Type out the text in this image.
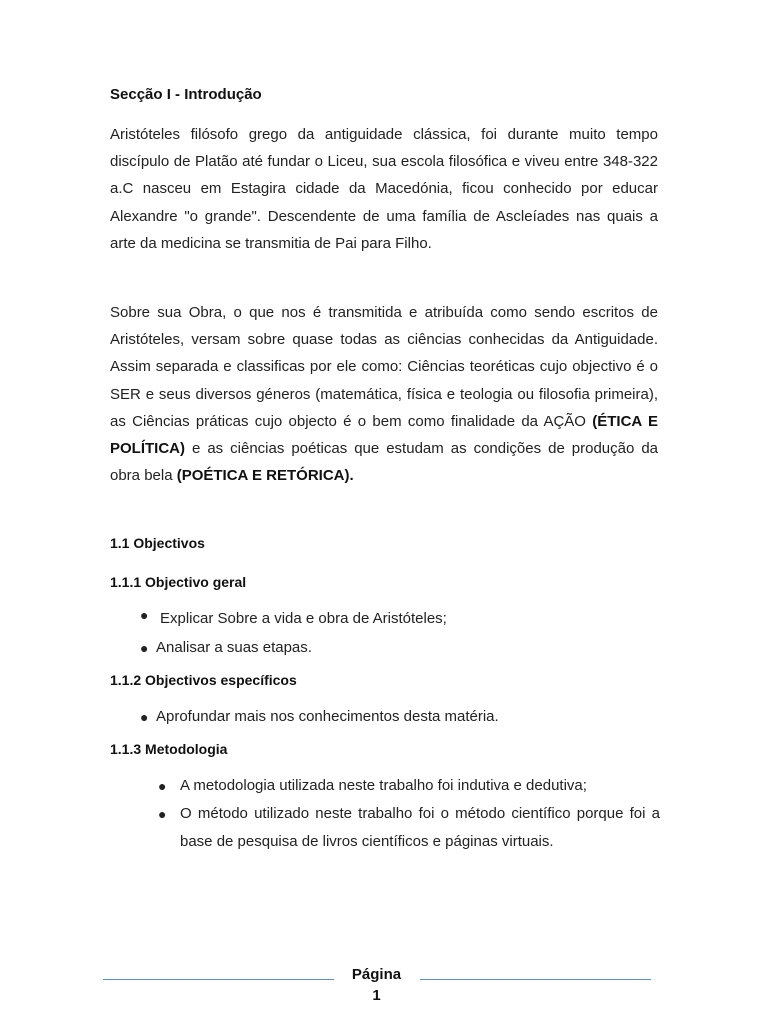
Secção I - Introdução

Aristóteles filósofo grego da antiguidade clássica, foi durante muito tempo discípulo de Platão até fundar o Liceu, sua escola filosófica e viveu entre 348-322 a.C nasceu em Estagira cidade da Macedónia, ficou conhecido por educar Alexandre "o grande". Descendente de uma família de Ascleíades nas quais a arte da medicina se transmitia de Pai para Filho.

Sobre sua Obra, o que nos é transmitida e atribuída como sendo escritos de Aristóteles, versam sobre quase todas as ciências conhecidas da Antiguidade. Assim separada e classificas por ele como: Ciências teoréticas cujo objectivo é o SER e seus diversos géneros (matemática, física e teologia ou filosofia primeira), as Ciências práticas cujo objecto é o bem como finalidade da AÇÃO (ÉTICA E POLÍTICA) e as ciências poéticas que estudam as condições de produção da obra bela (POÉTICA E RETÓRICA).

1.1 Objectivos
1.1.1 Objectivo geral
● Explicar Sobre a vida e obra de Aristóteles;

● Analisar a suas etapas.

1.1.2 Objectivos específicos
● Aprofundar mais nos conhecimentos desta matéria.

1.1.3 Metodologia
● A metodologia utilizada neste trabalho foi indutiva e dedutiva;

● O método utilizado neste trabalho foi o método científico porque foi a base de pesquisa de livros científicos e páginas virtuais.

Página
1
